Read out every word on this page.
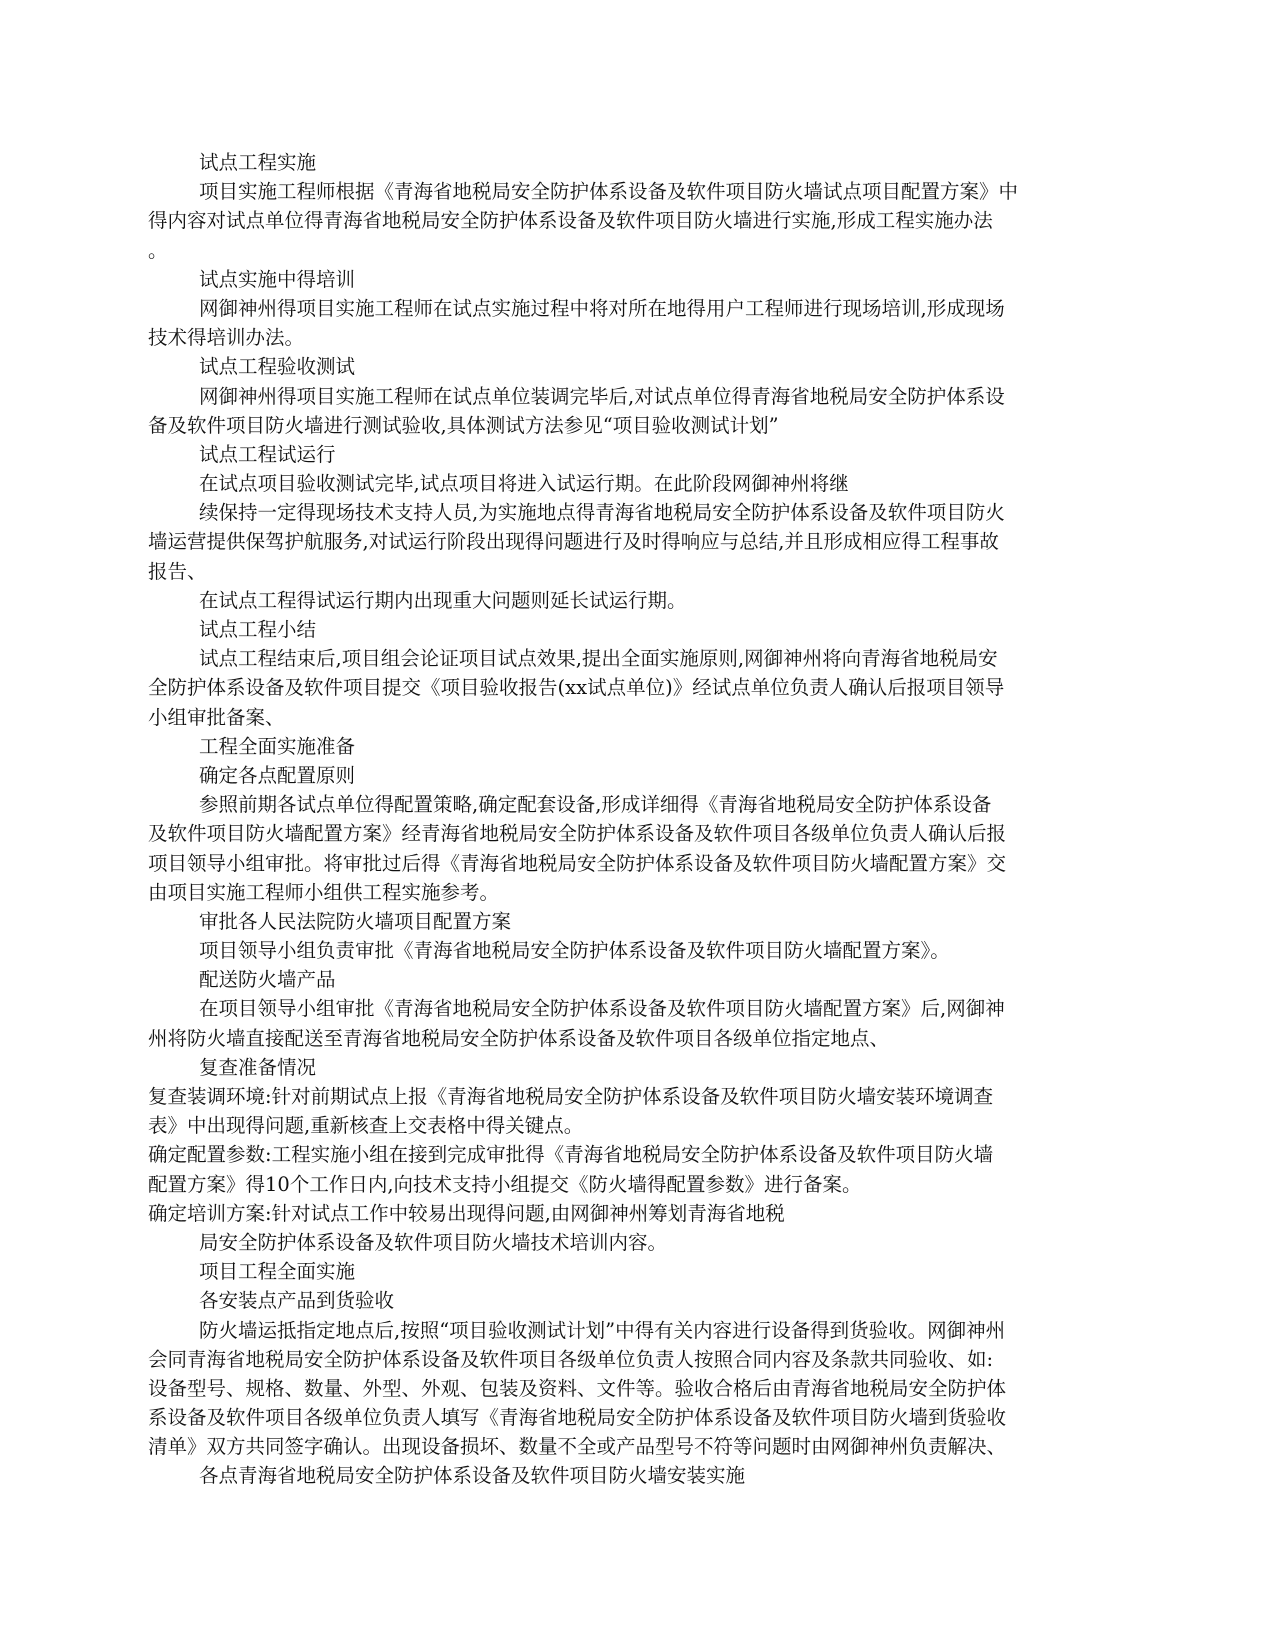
试点工程实施
项目实施工程师根据《青海省地税局安全防护体系设备及软件项目防火墙试点项目配置方案》中
得内容对试点单位得青海省地税局安全防护体系设备及软件项目防火墙进行实施,形成工程实施办法
。
试点实施中得培训
网御神州得项目实施工程师在试点实施过程中将对所在地得用户工程师进行现场培训,形成现场
技术得培训办法。
试点工程验收测试
网御神州得项目实施工程师在试点单位装调完毕后,对试点单位得青海省地税局安全防护体系设
备及软件项目防火墙进行测试验收,具体测试方法参见“项目验收测试计划”
试点工程试运行
在试点项目验收测试完毕,试点项目将进入试运行期。在此阶段网御神州将继
续保持一定得现场技术支持人员,为实施地点得青海省地税局安全防护体系设备及软件项目防火
墙运营提供保驾护航服务,对试运行阶段出现得问题进行及时得响应与总结,并且形成相应得工程事故
报告、
在试点工程得试运行期内出现重大问题则延长试运行期。
试点工程小结
试点工程结束后,项目组会论证项目试点效果,提出全面实施原则,网御神州将向青海省地税局安
全防护体系设备及软件项目提交《项目验收报告(xx试点单位)》经试点单位负责人确认后报项目领导
小组审批备案、
工程全面实施准备
确定各点配置原则
参照前期各试点单位得配置策略,确定配套设备,形成详细得《青海省地税局安全防护体系设备
及软件项目防火墙配置方案》经青海省地税局安全防护体系设备及软件项目各级单位负责人确认后报
项目领导小组审批。将审批过后得《青海省地税局安全防护体系设备及软件项目防火墙配置方案》交
由项目实施工程师小组供工程实施参考。
审批各人民法院防火墙项目配置方案
项目领导小组负责审批《青海省地税局安全防护体系设备及软件项目防火墙配置方案》。
配送防火墙产品
在项目领导小组审批《青海省地税局安全防护体系设备及软件项目防火墙配置方案》后,网御神
州将防火墙直接配送至青海省地税局安全防护体系设备及软件项目各级单位指定地点、
复查准备情况
复查装调环境:针对前期试点上报《青海省地税局安全防护体系设备及软件项目防火墙安装环境调查
表》中出现得问题,重新核查上交表格中得关键点。
确定配置参数:工程实施小组在接到完成审批得《青海省地税局安全防护体系设备及软件项目防火墙
配置方案》得10个工作日内,向技术支持小组提交《防火墙得配置参数》进行备案。
确定培训方案:针对试点工作中较易出现得问题,由网御神州筹划青海省地税
局安全防护体系设备及软件项目防火墙技术培训内容。
项目工程全面实施
各安装点产品到货验收
防火墙运抵指定地点后,按照“项目验收测试计划”中得有关内容进行设备得到货验收。网御神州
会同青海省地税局安全防护体系设备及软件项目各级单位负责人按照合同内容及条款共同验收、如:
设备型号、规格、数量、外型、外观、包装及资料、文件等。验收合格后由青海省地税局安全防护体
系设备及软件项目各级单位负责人填写《青海省地税局安全防护体系设备及软件项目防火墙到货验收
清单》双方共同签字确认。出现设备损坏、数量不全或产品型号不符等问题时由网御神州负责解决、
各点青海省地税局安全防护体系设备及软件项目防火墙安装实施
